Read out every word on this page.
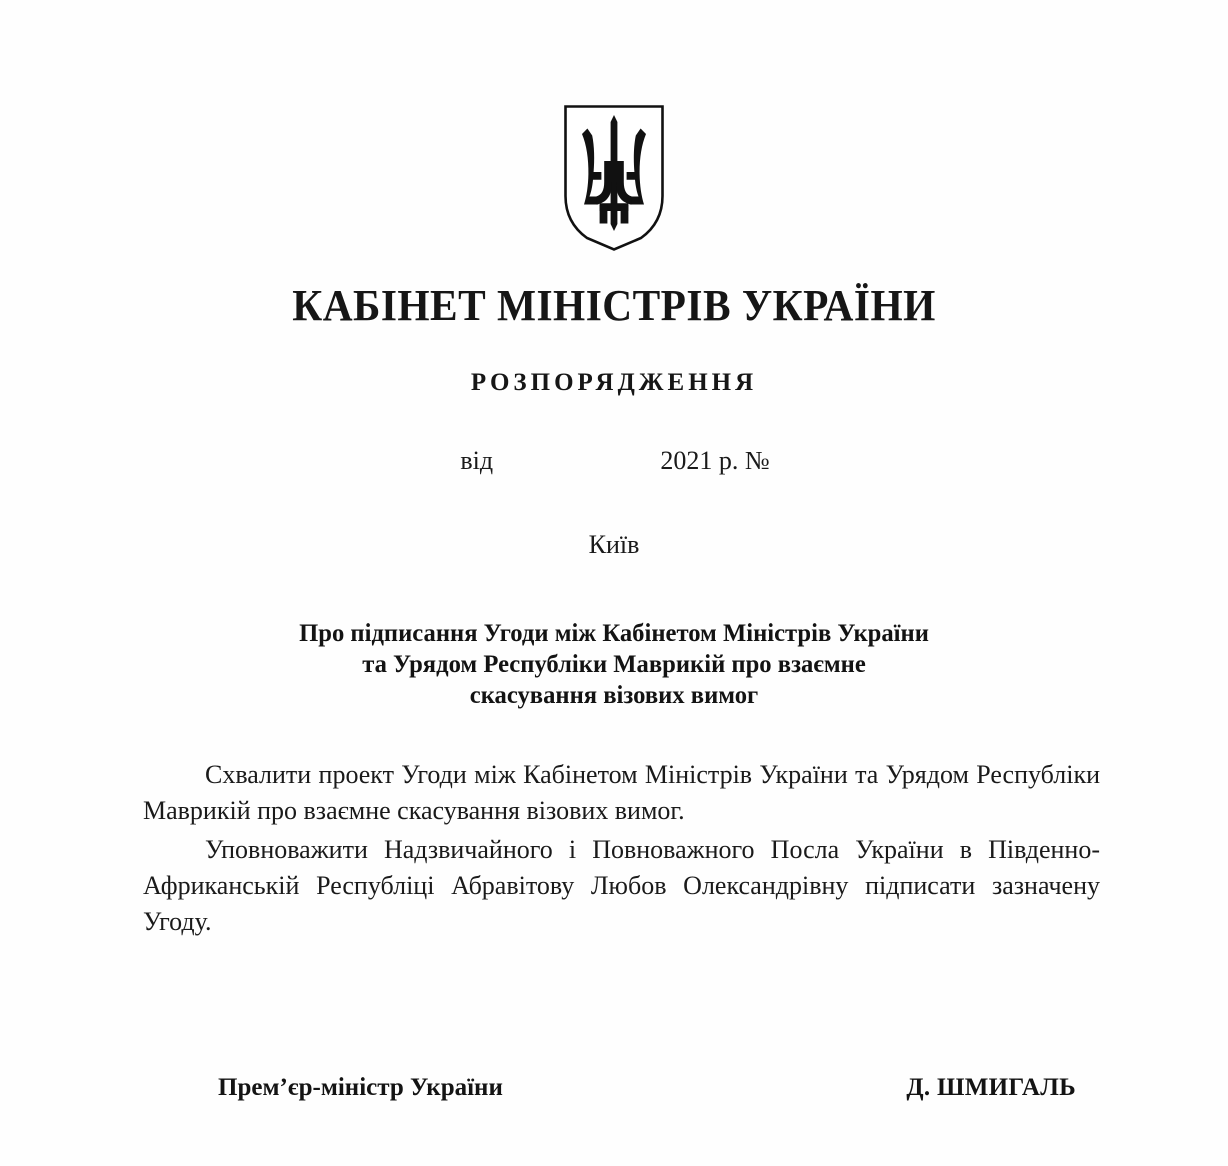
КАБІНЕТ МІНІСТРІВ УКРАЇНИ
РОЗПОРЯДЖЕННЯ
від	2021 р. №
Київ
Про підписання Угоди між Кабінетом Міністрів України
та Урядом Республіки Маврикій про взаємне
скасування візових вимог

Схвалити проект Угоди між Кабінетом Міністрів України та Урядом Республіки Маврикій про взаємне скасування візових вимог.

Уповноважити Надзвичайного і Повноважного Посла України в Південно-Африканській Республіці Абравітову Любов Олександрівну підписати зазначену Угоду.

Прем’єр-міністр України	Д. ШМИГАЛЬ
